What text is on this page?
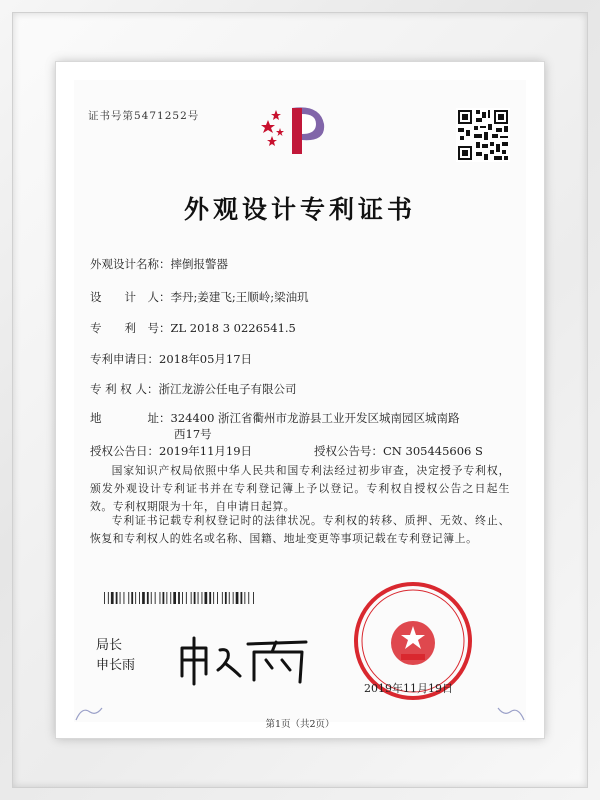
证书号第5471252号
外观设计专利证书
外观设计名称：摔倒报警器
设　　计　人：李丹;姜建飞;王顺岭;梁油玑
专　　利　号：ZL 2018 3 0226541.5
专利申请日：2018年05月17日
专 利 权 人：浙江龙游公任电子有限公司
地　　　　址：324400 浙江省衢州市龙游县工业开发区城南园区城南路
西17号
授权公告日：2019年11月19日	授权公告号：CN 305445606 S
国家知识产权局依照中华人民共和国专利法经过初步审查，决定授予专利权，颁发外观设计专利证书并在专利登记簿上予以登记。专利权自授权公告之日起生效。专利权期限为十年，自申请日起算。
专利证书记载专利权登记时的法律状况。专利权的转移、质押、无效、终止、恢复和专利权人的姓名或名称、国籍、地址变更等事项记载在专利登记簿上。
局长
申长雨
2019年11月19日
第1页（共2页）
